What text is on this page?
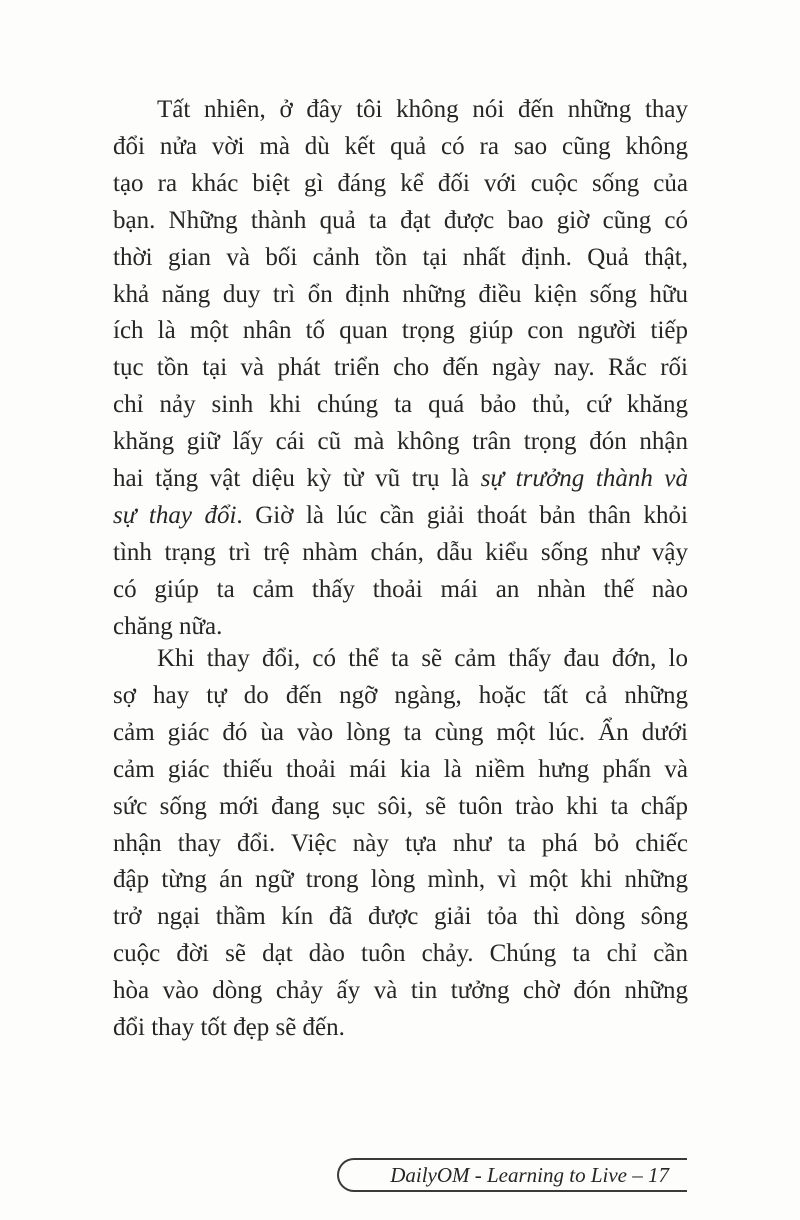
Tất nhiên, ở đây tôi không nói đến những thay
đổi nửa vời mà dù kết quả có ra sao cũng không
tạo ra khác biệt gì đáng kể đối với cuộc sống của
bạn. Những thành quả ta đạt được bao giờ cũng có
thời gian và bối cảnh tồn tại nhất định. Quả thật,
khả năng duy trì ổn định những điều kiện sống hữu
ích là một nhân tố quan trọng giúp con người tiếp
tục tồn tại và phát triển cho đến ngày nay. Rắc rối
chỉ nảy sinh khi chúng ta quá bảo thủ, cứ khăng
khăng giữ lấy cái cũ mà không trân trọng đón nhận
hai tặng vật diệu kỳ từ vũ trụ là sự trưởng thành và
sự thay đổi. Giờ là lúc cần giải thoát bản thân khỏi
tình trạng trì trệ nhàm chán, dẫu kiểu sống như vậy
có giúp ta cảm thấy thoải mái an nhàn thế nào
chăng nữa.
Khi thay đổi, có thể ta sẽ cảm thấy đau đớn, lo
sợ hay tự do đến ngỡ ngàng, hoặc tất cả những
cảm giác đó ùa vào lòng ta cùng một lúc. Ẩn dưới
cảm giác thiếu thoải mái kia là niềm hưng phấn và
sức sống mới đang sục sôi, sẽ tuôn trào khi ta chấp
nhận thay đổi. Việc này tựa như ta phá bỏ chiếc
đập từng án ngữ trong lòng mình, vì một khi những
trở ngại thầm kín đã được giải tỏa thì dòng sông
cuộc đời sẽ dạt dào tuôn chảy. Chúng ta chỉ cần
hòa vào dòng chảy ấy và tin tưởng chờ đón những
đổi thay tốt đẹp sẽ đến.
DailyOM - Learning to Live – 17
